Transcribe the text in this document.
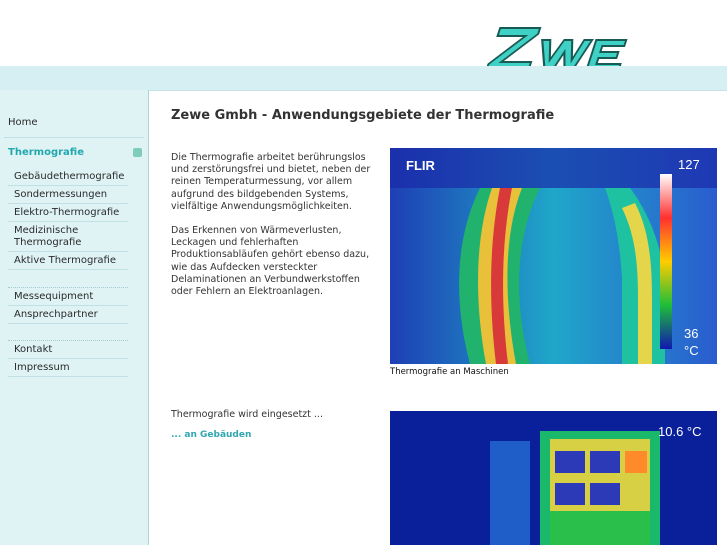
Home
Thermografie
Gebäudethermografie
Sondermessungen
Elektro-Thermografie
Medizinische Thermografie
Aktive Thermografie
Messequipment
Ansprechpartner
Kontakt
Impressum
Zewe Gmbh - Anwendungsgebiete der Thermografie
Die Thermografie arbeitet berührungslos und zerstörungsfrei und bietet, neben der reinen Temperaturmessung, vor allem aufgrund des bildgebenden Systems, vielfältige Anwendungsmöglichkeiten.
Das Erkennen von Wärmeverlusten, Leckagen und fehlerhaften Produktionsabläufen gehört ebenso dazu, wie das Aufdecken versteckter Delaminationen an Verbundwerkstoffen oder Fehlern an Elektroanlagen.
FLIR	127
36
°C
Thermografie an Maschinen
Thermografie wird eingesetzt ...
... an Gebäuden	10.6 °C
